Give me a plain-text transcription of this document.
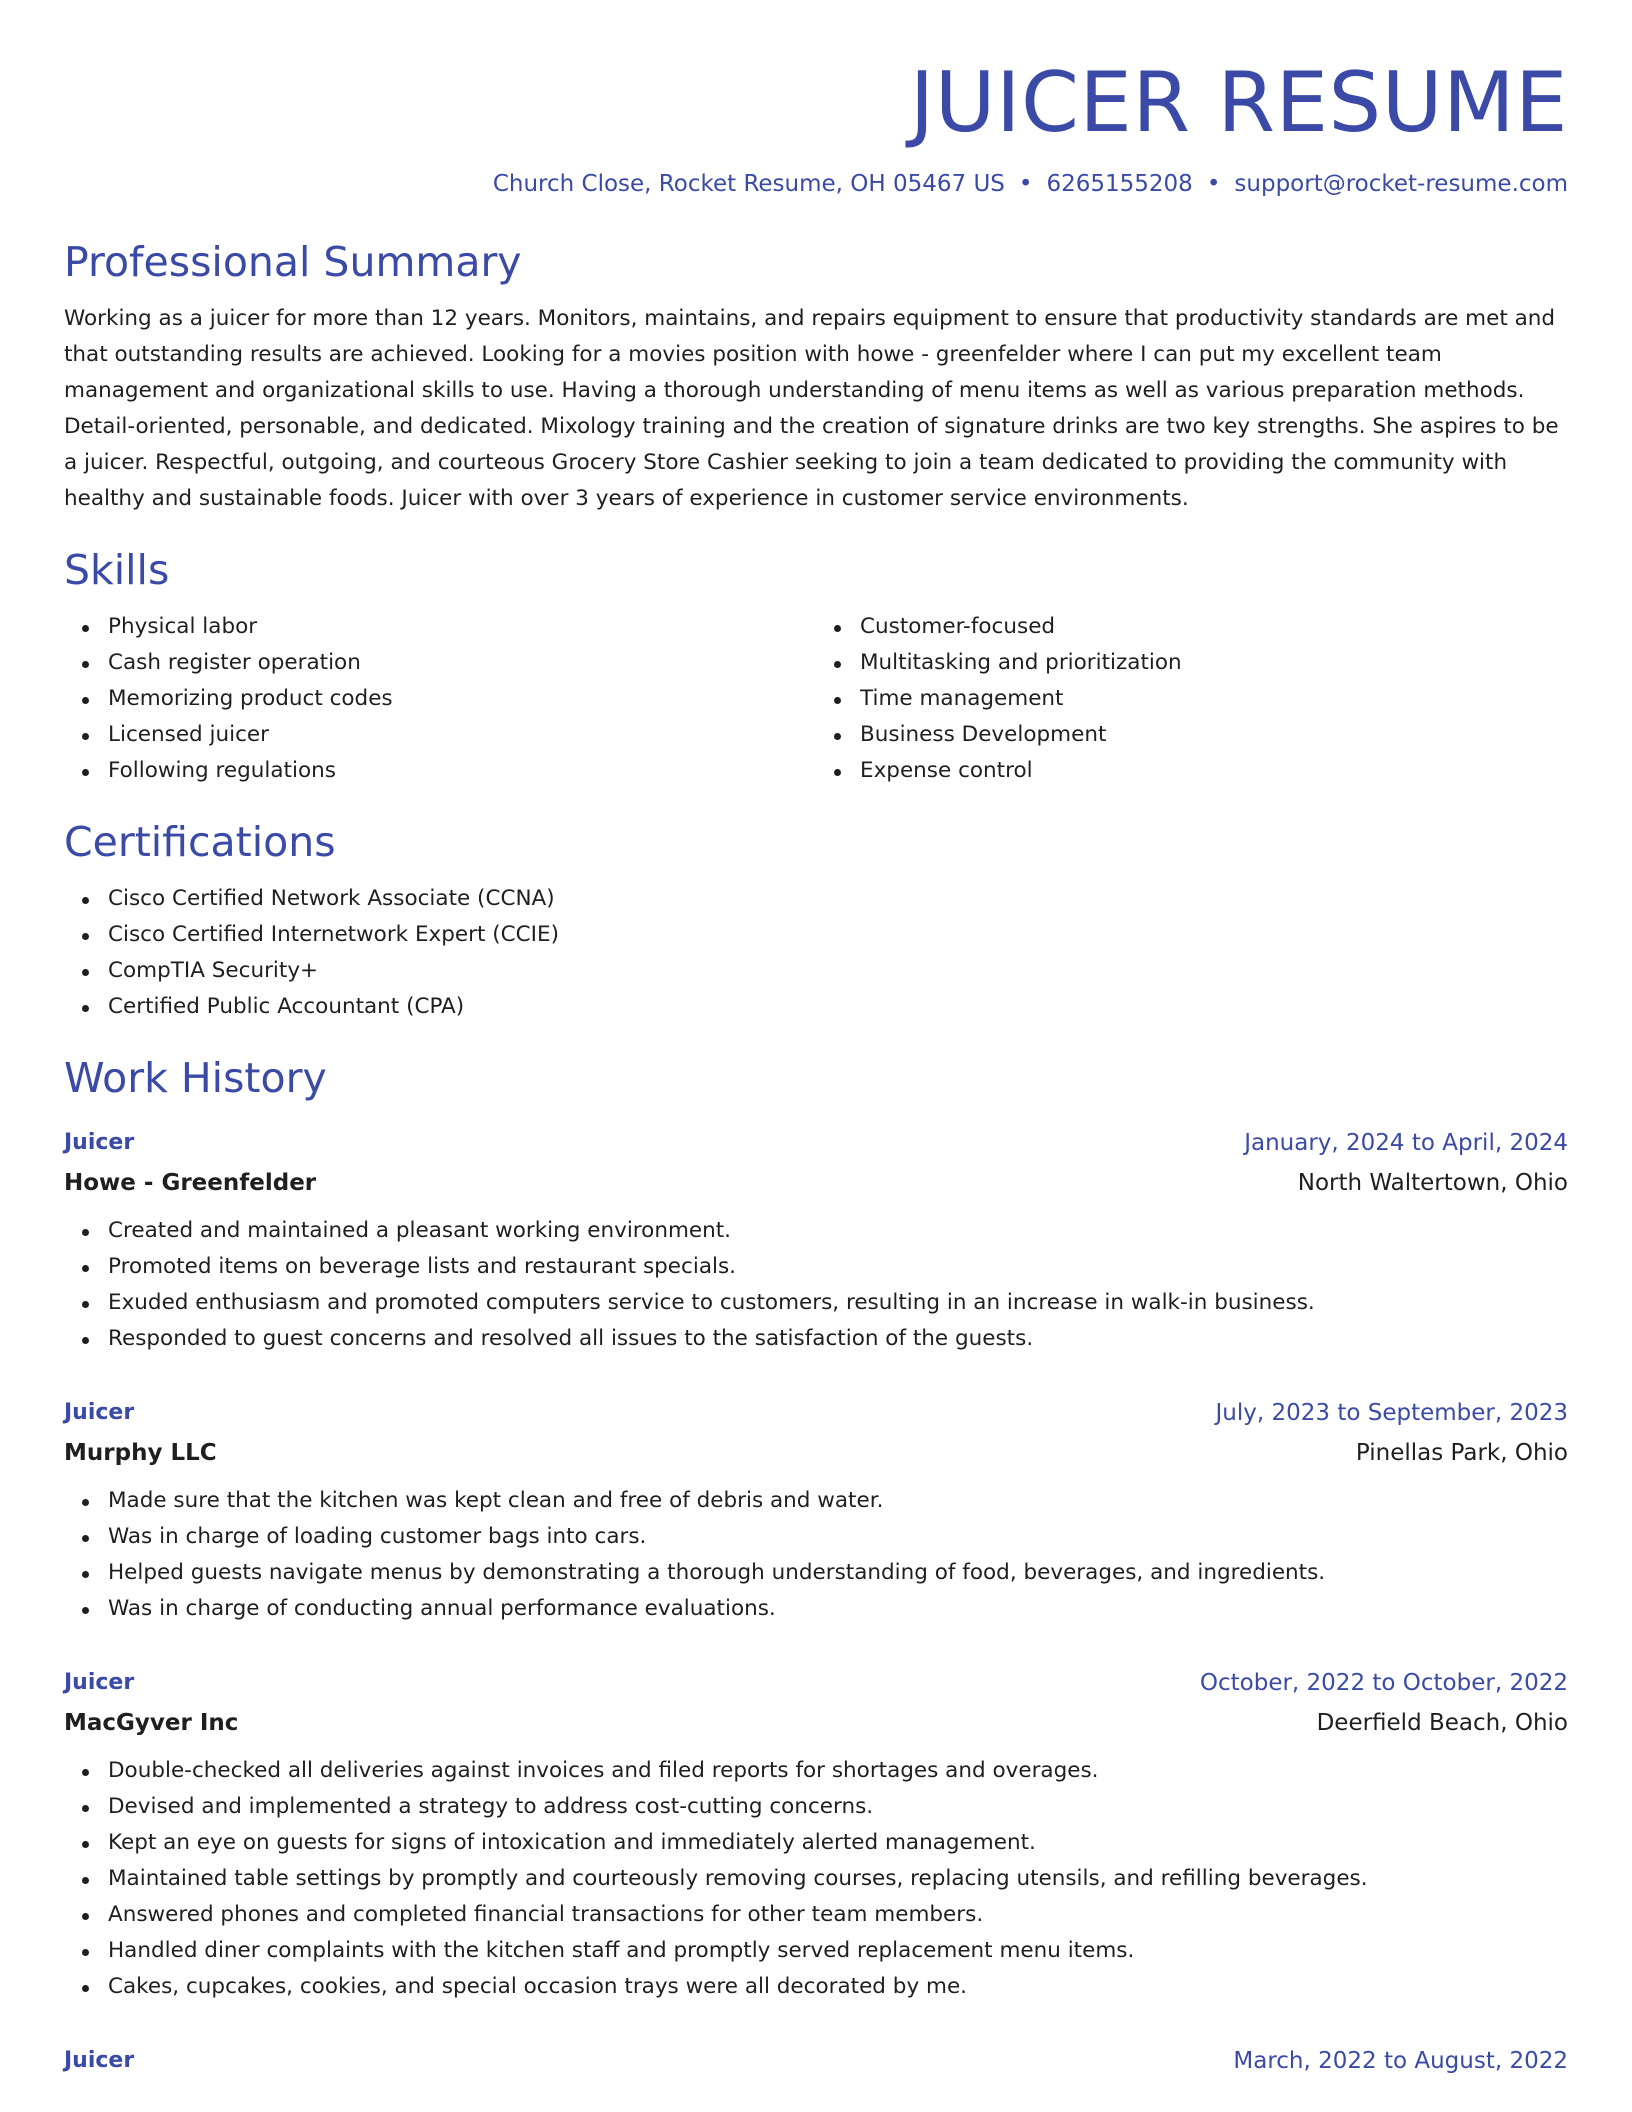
JUICER RESUME
Church Close, Rocket Resume, OH 05467 US • 6265155208 • support@rocket-resume.com
Professional Summary
Working as a juicer for more than 12 years. Monitors, maintains, and repairs equipment to ensure that productivity standards are met and that outstanding results are achieved. Looking for a movies position with howe - greenfelder where I can put my excellent team management and organizational skills to use. Having a thorough understanding of menu items as well as various preparation methods. Detail-oriented, personable, and dedicated. Mixology training and the creation of signature drinks are two key strengths. She aspires to be a juicer. Respectful, outgoing, and courteous Grocery Store Cashier seeking to join a team dedicated to providing the community with healthy and sustainable foods. Juicer with over 3 years of experience in customer service environments.
Skills
Physical labor
Cash register operation
Memorizing product codes
Licensed juicer
Following regulations
Customer-focused
Multitasking and prioritization
Time management
Business Development
Expense control
Certifications
Cisco Certified Network Associate (CCNA)
Cisco Certified Internetwork Expert (CCIE)
CompTIA Security+
Certified Public Accountant (CPA)
Work History
Juicer	January, 2024 to April, 2024
Howe - Greenfelder	North Waltertown, Ohio
Created and maintained a pleasant working environment.
Promoted items on beverage lists and restaurant specials.
Exuded enthusiasm and promoted computers service to customers, resulting in an increase in walk-in business.
Responded to guest concerns and resolved all issues to the satisfaction of the guests.
Juicer	July, 2023 to September, 2023
Murphy LLC	Pinellas Park, Ohio
Made sure that the kitchen was kept clean and free of debris and water.
Was in charge of loading customer bags into cars.
Helped guests navigate menus by demonstrating a thorough understanding of food, beverages, and ingredients.
Was in charge of conducting annual performance evaluations.
Juicer	October, 2022 to October, 2022
MacGyver Inc	Deerfield Beach, Ohio
Double-checked all deliveries against invoices and filed reports for shortages and overages.
Devised and implemented a strategy to address cost-cutting concerns.
Kept an eye on guests for signs of intoxication and immediately alerted management.
Maintained table settings by promptly and courteously removing courses, replacing utensils, and refilling beverages.
Answered phones and completed financial transactions for other team members.
Handled diner complaints with the kitchen staff and promptly served replacement menu items.
Cakes, cupcakes, cookies, and special occasion trays were all decorated by me.
Juicer	March, 2022 to August, 2022
